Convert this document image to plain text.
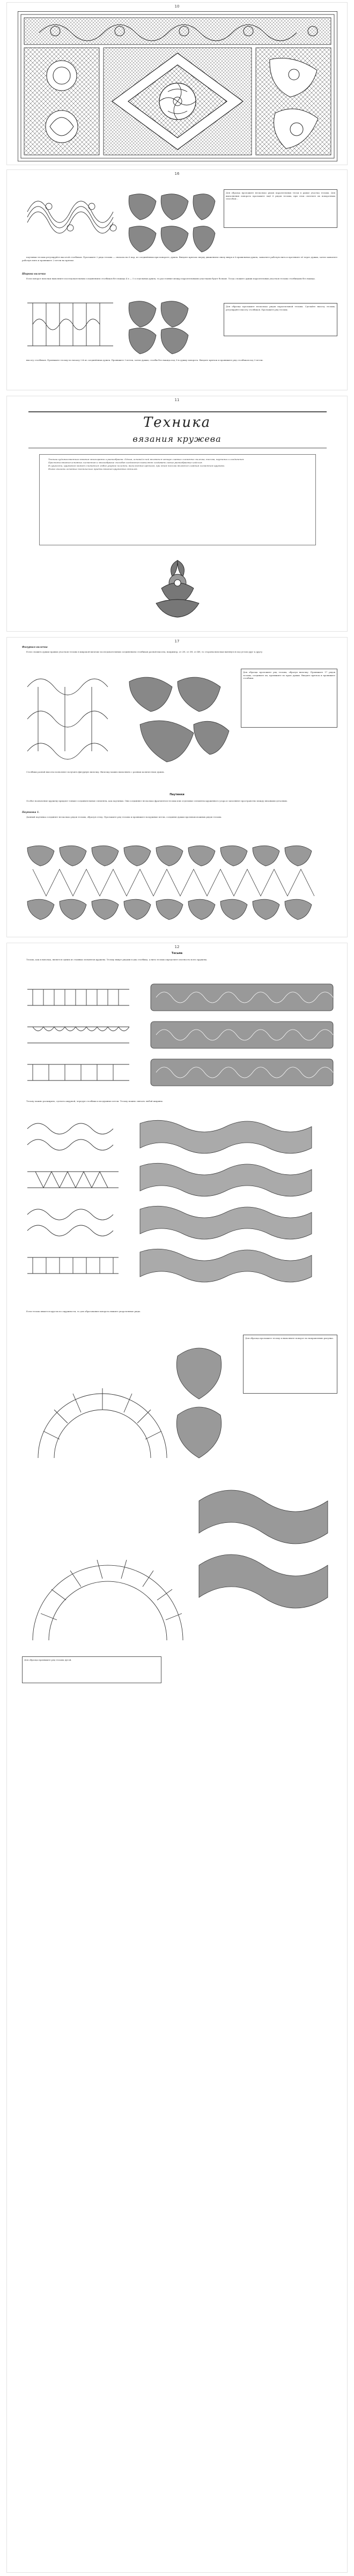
10
16
Для образца проложите несколько рядов параллельных тесьм в рамке участка тесьмы. Для выполнения поворота проложите ещё 6 рядов тесьмы, при этом сплетите их поворотным способом...

паутинки тесьмы регулируйте высотой столбиков. Проложите 2 ряда тесьмы — сначала на 6 пар, из соединённых при повороте, дужек. Введите крючок сверху движением снизу вверх в 6 правильных дужек, захватите рабочую нить и протяните её через дужки, затем захватите рабочую нить и провяжите 2 петли на крючке.

Ширина вилочки

Если поворот вилочки выполните последовательным соединением столбиков без накида 4 х — 5 х отдельных дужек, то расстояние между параллельными участками будет больше. Тогда сложите дужки параллельных участков тесьмы столбиками без накида.

Для образца проложите несколько рядов параллельной тесьмы. Сделайте высоту тесьмы, регулируйте высоту столбиков. Проложите ряд тесьмы.

высоту столбиков. Провяжите тесьму по началу 2-й из соединённых дужек. Провяжите 3 петли, затем дужки, столбы без накида под 3-ю дужку поворота. Введите крючок и провяжите ряд столбиков под 3 петли.

11
Техника
вязания кружева

Техника художественного вязания многогранна и разнообразна. Одним, основой в ней являются четыре главных элемента: вилочка, тесьма, паутинки и соединения.

Простота вязания основных элементов и многообразие способов соединения позволяют создавать самые разнообразные изделия.

В сущности, кружевом может считаться любое узорное полотно, выполненное крючком, при этом тесьма является главным элементом кружева.

Ниже описаны основные технические приёмы вязания кружевных деталей.

17
Фигурная вилочка

Если сложить дужки правых участков тесьмы в широкой вилочке последовательным соединением столбиков разной высоты, например, от 2H, от 3H, от 4H, то стороны вилочки вытянутся под углом друг к другу.

Для образца проложите ряд тесьмы, образуя вилочку. Провяжите 17 рядов тесьмы, соедините их, провяжите по краю дужки. Вводите крючок и провяжите столбики.

Столбики разной высоты позволяют получить фигурную вилочку. Вилочку можно выполнить с разным количеством дужек.

Паутинки

Особое назначение кружеву придают тонкие соединительные элементы, как паутинки. Они соединяют несколько фрагментов тесьмы или отдельные элементы кружевного узора и заполняют пространство между вязаными деталями.

Паутинка 1.

Данный паутинка соединяет несколько рядов тесьмы, образуя сетку. Проложите ряд тесьмы и провяжите воздушные петли, соединяя дужки противоположных рядов тесьмы.

12
Тесьма

Тесьма, как и вилочка, является одним из главных элементов кружева. Тесьму вяжут рядами в два столбика, а нить тесьмы определяет плотность всего кружева.

Тесьму можно расширить, сделать ажурной, чередуя столбики и воздушные петли. Тесьму можно связать любой ширины.

Если тесьма вяжется кругом по окружности, то для образования поворота вяжите укороченные ряды.

Для образца проложите тесьму и выполните поворот по направлению рисунка.
Для образца провяжите ряд тесьмы дугой.
